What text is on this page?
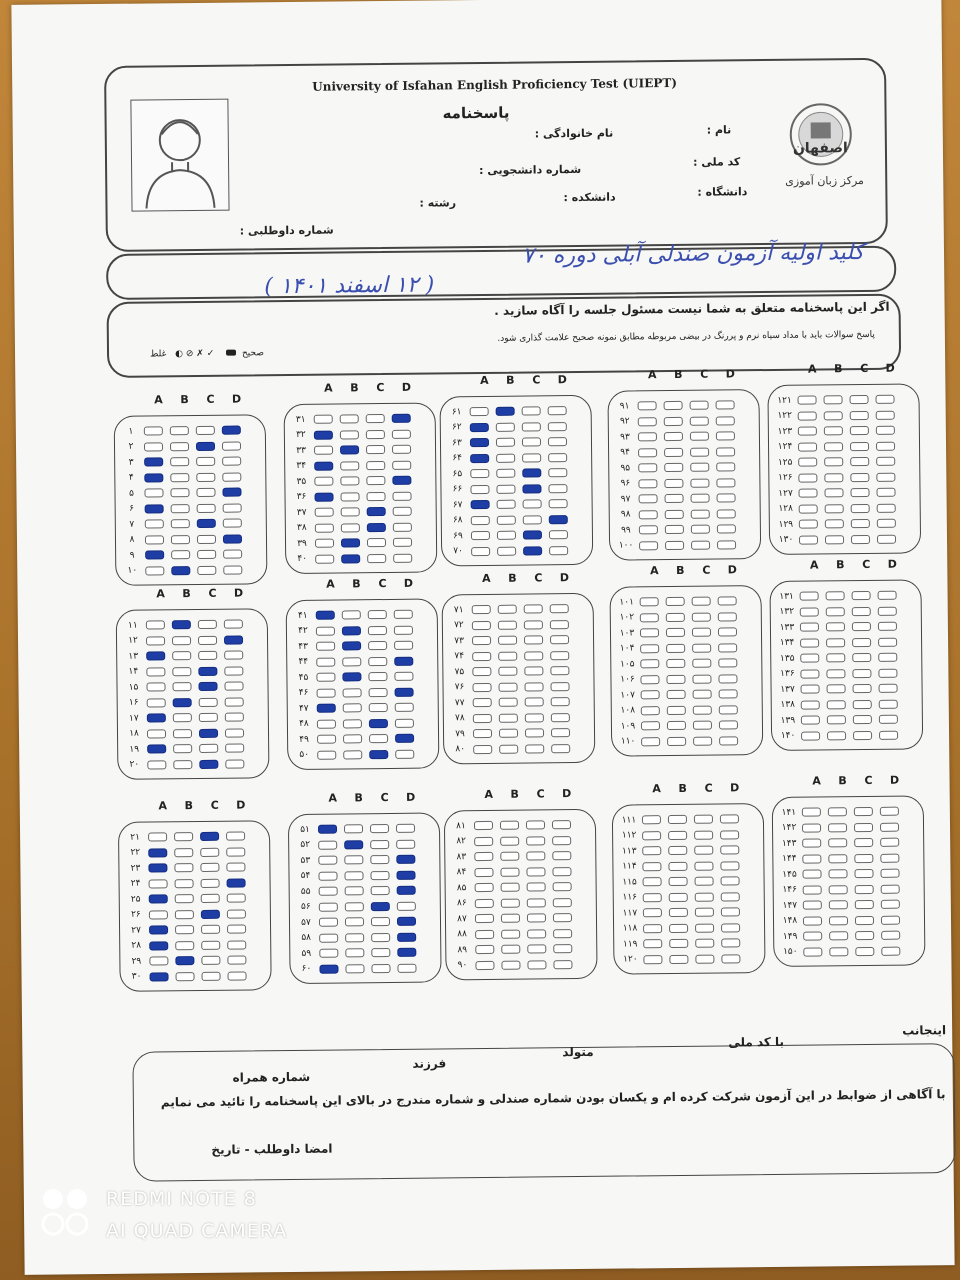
University of Isfahan English Proficiency Test (UIEPT)
پاسخنامه
اصفهان
مرکز زبان آموزی
نام :
نام خانوادگی :
کد ملی :
شماره دانشجویی :
دانشگاه :
دانشکده :
رشته :
شماره داوطلبی :
کلید اولیه آزمون صندلی آبلی دوره ۷۰
( ۱۲ اسفند ۱۴۰۱ )
اگر این پاسخنامه متعلق به شما نیست مسئول جلسه را آگاه سازید .
پاسخ سوالات باید با مداد سیاه نرم و پررنگ در بیضی مربوطه مطابق نمونه صحیح علامت گذاری شود.
صحیح  ✓ ✗ ⊘ ◐ غلط
A B C D
۱
۲
۳
۴
۵
۶
۷
۸
۹
۱۰
A B C D
۱۱
۱۲
۱۳
۱۴
۱۵
۱۶
۱۷
۱۸
۱۹
۲۰
A B C D
۲۱
۲۲
۲۳
۲۴
۲۵
۲۶
۲۷
۲۸
۲۹
۳۰
A B C D
۳۱
۳۲
۳۳
۳۴
۳۵
۳۶
۳۷
۳۸
۳۹
۴۰
A B C D
۴۱
۴۲
۴۳
۴۴
۴۵
۴۶
۴۷
۴۸
۴۹
۵۰
A B C D
۵۱
۵۲
۵۳
۵۴
۵۵
۵۶
۵۷
۵۸
۵۹
۶۰
A B C D
۶۱
۶۲
۶۳
۶۴
۶۵
۶۶
۶۷
۶۸
۶۹
۷۰
A B C D
۷۱
۷۲
۷۳
۷۴
۷۵
۷۶
۷۷
۷۸
۷۹
۸۰
A B C D
۸۱
۸۲
۸۳
۸۴
۸۵
۸۶
۸۷
۸۸
۸۹
۹۰
A B C D
۹۱
۹۲
۹۳
۹۴
۹۵
۹۶
۹۷
۹۸
۹۹
۱۰۰
A B C D
۱۰۱
۱۰۲
۱۰۳
۱۰۴
۱۰۵
۱۰۶
۱۰۷
۱۰۸
۱۰۹
۱۱۰
A B C D
۱۱۱
۱۱۲
۱۱۳
۱۱۴
۱۱۵
۱۱۶
۱۱۷
۱۱۸
۱۱۹
۱۲۰
A B C D
۱۲۱
۱۲۲
۱۲۳
۱۲۴
۱۲۵
۱۲۶
۱۲۷
۱۲۸
۱۲۹
۱۳۰
A B C D
۱۳۱
۱۳۲
۱۳۳
۱۳۴
۱۳۵
۱۳۶
۱۳۷
۱۳۸
۱۳۹
۱۴۰
A B C D
۱۴۱
۱۴۲
۱۴۳
۱۴۴
۱۴۵
۱۴۶
۱۴۷
۱۴۸
۱۴۹
۱۵۰
اینجانب
با کد ملی
متولد
فرزند
شماره همراه
با آگاهی از ضوابط در این آزمون شرکت کرده ام و یکسان بودن شماره صندلی و شماره مندرج در بالای این پاسخنامه را تائید می نمایم
امضا داوطلب - تاریخ
REDMI NOTE 8
AI QUAD CAMERA
